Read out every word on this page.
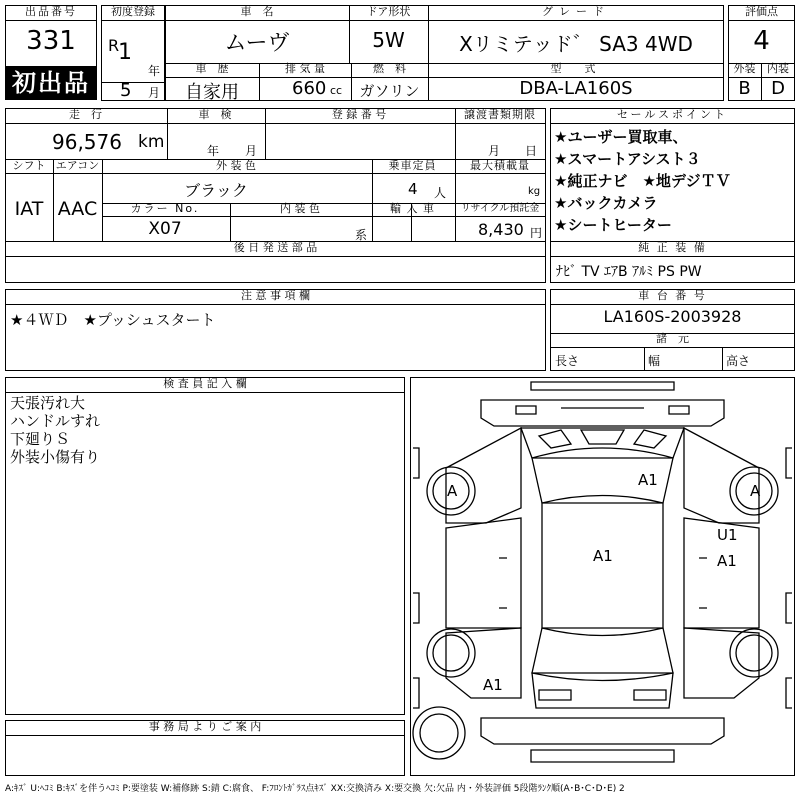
出品番号
331
初出品
初度登録
R
1
年
5 月
車　名
ムーヴ
ドア形状
5W
グレード
Xリミテッド゛ SA3 4WD
車　歴
自家用
排 気 量
660 cc
燃　料
ガソリン
型　式
DBA-LA160S
評価点
4
外装	内装
B	D
走　行
96,576 km
車　検
年 月
登 録 番 号	譲渡書類期限
月 日
シフト
IAT
エアコン
AAC
外 装 色
ブラック
乗車定員
4 人
最大積載量
kg
カラー No.
X07
内 装 色
系
輸 入 車	リサイクル預託金
8,430 円
後 日 発 送 部 品
セールスポイント
★ユーザー買取車、
★スマートアシスト３
★純正ナビ　★地デジＴＶ
★バックカメラ
★シートヒーター
純 正 装 備
ﾅﾋﾞ TV ｴｱB ｱﾙﾐ PS PW
注 意 事 項 欄
★４ＷＤ　★プッシュスタート
車 台 番 号
LA160S-2003928
諸　元
長さ	幅	高さ
検 査 員 記 入 欄
天張汚れ大
ハンドルすれ
下廻りＳ
外装小傷有り
事 務 局 よ り ご 案 内
A	A
A1
U1
A1
A1
A1
A:ｷｽﾞ U:ﾍｺﾐ B:ｷｽﾞを伴うﾍｺﾐ P:要塗装 W:補修跡 S:錆 C:腐食、 F:ﾌﾛﾝﾄｶﾞﾗｽ点ｷｽﾞ XX:交換済み X:要交換 欠:欠品 内・外装評価 5段階ﾗﾝｸ順(A･B･C･D･E) 2
